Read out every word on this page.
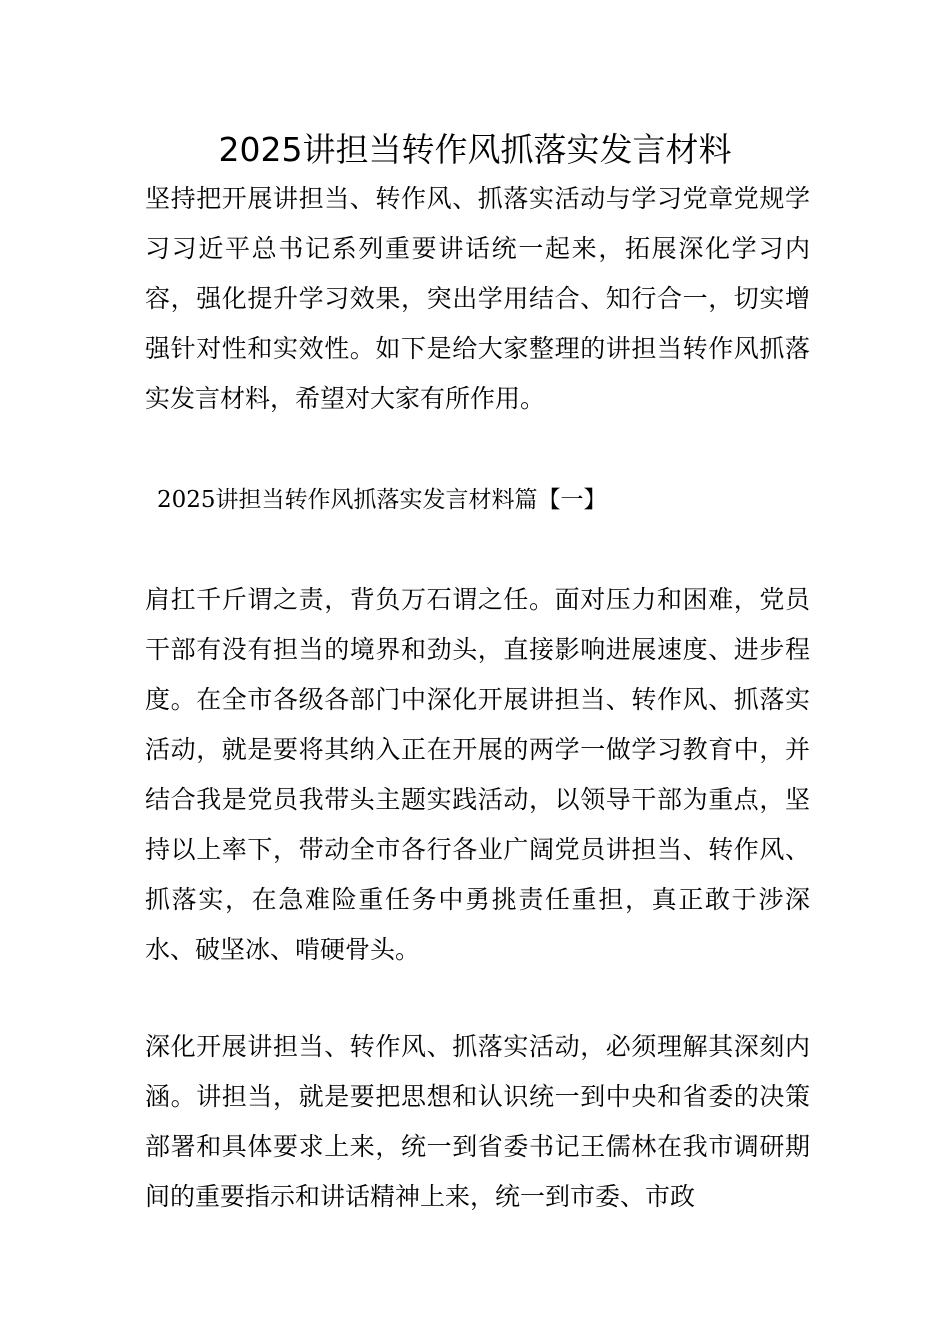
2025讲担当转作风抓落实发言材料

坚持把开展讲担当、转作风、抓落实活动与学习党章党规学习习近平总书记系列重要讲话统一起来，拓展深化学习内容，强化提升学习效果，突出学用结合、知行合一，切实增强针对性和实效性。如下是给大家整理的讲担当转作风抓落实发言材料，希望对大家有所作用。

2025讲担当转作风抓落实发言材料篇【一】

肩扛千斤谓之责，背负万石谓之任。面对压力和困难，党员干部有没有担当的境界和劲头，直接影响进展速度、进步程度。在全市各级各部门中深化开展讲担当、转作风、抓落实活动，就是要将其纳入正在开展的两学一做学习教育中，并结合我是党员我带头主题实践活动，以领导干部为重点，坚持以上率下，带动全市各行各业广阔党员讲担当、转作风、抓落实，在急难险重任务中勇挑责任重担，真正敢于涉深水、破坚冰、啃硬骨头。

深化开展讲担当、转作风、抓落实活动，必须理解其深刻内涵。讲担当，就是要把思想和认识统一到中央和省委的决策部署和具体要求上来，统一到省委书记王儒林在我市调研期间的重要指示和讲话精神上来，统一到市委、市政
